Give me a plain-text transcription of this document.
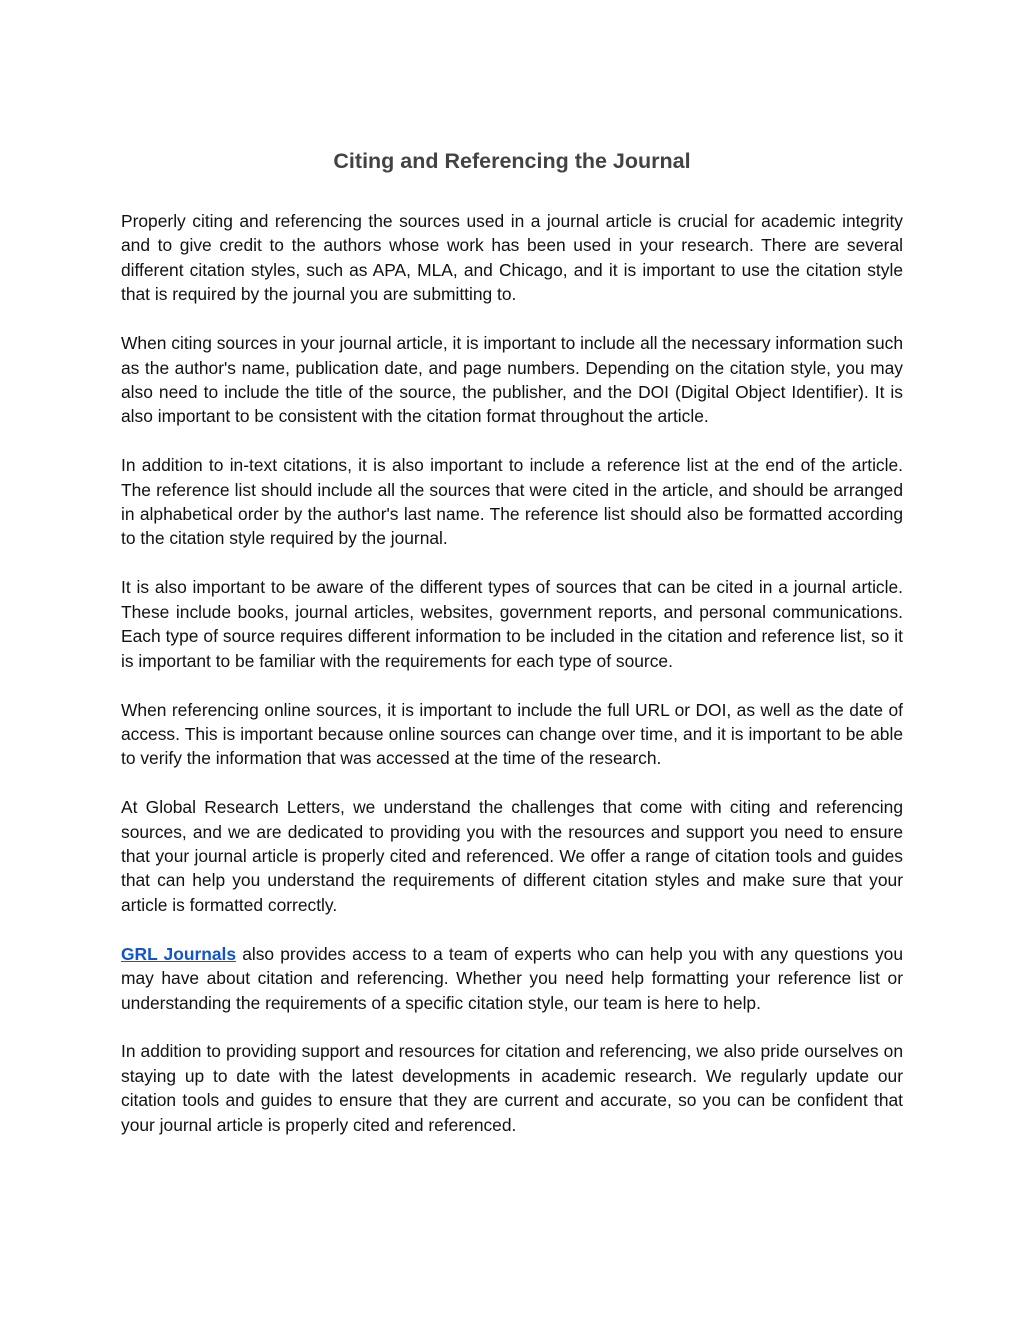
Citing and Referencing the Journal

Properly citing and referencing the sources used in a journal article is crucial for academic integrity and to give credit to the authors whose work has been used in your research. There are several different citation styles, such as APA, MLA, and Chicago, and it is important to use the citation style that is required by the journal you are submitting to.

When citing sources in your journal article, it is important to include all the necessary information such as the author's name, publication date, and page numbers. Depending on the citation style, you may also need to include the title of the source, the publisher, and the DOI (Digital Object Identifier). It is also important to be consistent with the citation format throughout the article.

In addition to in-text citations, it is also important to include a reference list at the end of the article. The reference list should include all the sources that were cited in the article, and should be arranged in alphabetical order by the author's last name. The reference list should also be formatted according to the citation style required by the journal.

It is also important to be aware of the different types of sources that can be cited in a journal article. These include books, journal articles, websites, government reports, and personal communications. Each type of source requires different information to be included in the citation and reference list, so it is important to be familiar with the requirements for each type of source.

When referencing online sources, it is important to include the full URL or DOI, as well as the date of access. This is important because online sources can change over time, and it is important to be able to verify the information that was accessed at the time of the research.

At Global Research Letters, we understand the challenges that come with citing and referencing sources, and we are dedicated to providing you with the resources and support you need to ensure that your journal article is properly cited and referenced. We offer a range of citation tools and guides that can help you understand the requirements of different citation styles and make sure that your article is formatted correctly.

GRL Journals also provides access to a team of experts who can help you with any questions you may have about citation and referencing. Whether you need help formatting your reference list or understanding the requirements of a specific citation style, our team is here to help.

In addition to providing support and resources for citation and referencing, we also pride ourselves on staying up to date with the latest developments in academic research. We regularly update our citation tools and guides to ensure that they are current and accurate, so you can be confident that your journal article is properly cited and referenced.
